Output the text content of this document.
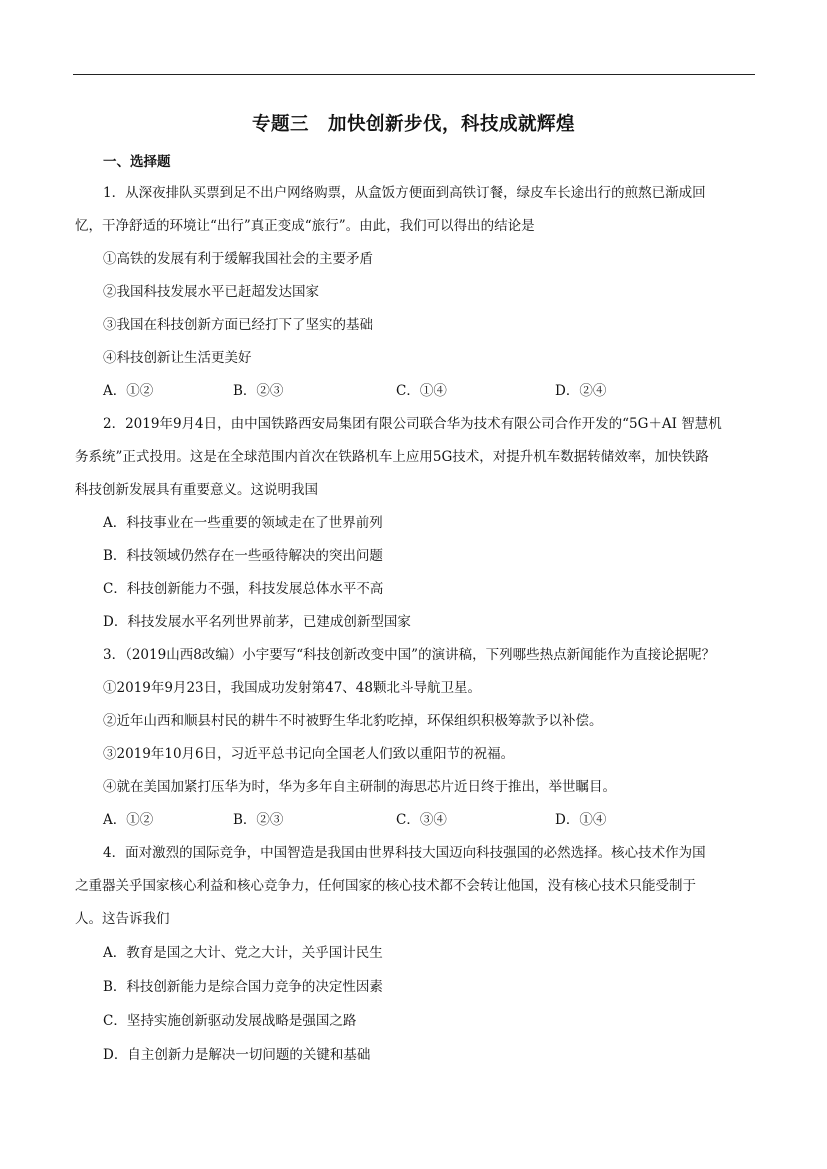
专题三　加快创新步伐，科技成就辉煌
一、选择题
1．从深夜排队买票到足不出户网络购票，从盒饭方便面到高铁订餐，绿皮车长途出行的煎熬已渐成回
忆，干净舒适的环境让“出行”真正变成“旅行”。由此，我们可以得出的结论是
①高铁的发展有利于缓解我国社会的主要矛盾
②我国科技发展水平已赶超发达国家
③我国在科技创新方面已经打下了坚实的基础
④科技创新让生活更美好
A．①②	B．②③	C．①④	D．②④
2．2019年9月4日，由中国铁路西安局集团有限公司联合华为技术有限公司合作开发的“5G＋AI 智慧机
务系统”正式投用。这是在全球范围内首次在铁路机车上应用5G技术，对提升机车数据转储效率，加快铁路
科技创新发展具有重要意义。这说明我国
A．科技事业在一些重要的领域走在了世界前列
B．科技领域仍然存在一些亟待解决的突出问题
C．科技创新能力不强，科技发展总体水平不高
D．科技发展水平名列世界前茅，已建成创新型国家
3．（2019山西8改编）小宇要写“科技创新改变中国”的演讲稿，下列哪些热点新闻能作为直接论据呢？
①2019年9月23日，我国成功发射第47、48颗北斗导航卫星。
②近年山西和顺县村民的耕牛不时被野生华北豹吃掉，环保组织积极筹款予以补偿。
③2019年10月6日，习近平总书记向全国老人们致以重阳节的祝福。
④就在美国加紧打压华为时，华为多年自主研制的海思芯片近日终于推出，举世瞩目。
A．①②	B．②③	C．③④	D．①④
4．面对激烈的国际竞争，中国智造是我国由世界科技大国迈向科技强国的必然选择。核心技术作为国
之重器关乎国家核心利益和核心竞争力，任何国家的核心技术都不会转让他国，没有核心技术只能受制于
人。这告诉我们
A．教育是国之大计、党之大计，关乎国计民生
B．科技创新能力是综合国力竞争的决定性因素
C．坚持实施创新驱动发展战略是强国之路
D．自主创新力是解决一切问题的关键和基础
